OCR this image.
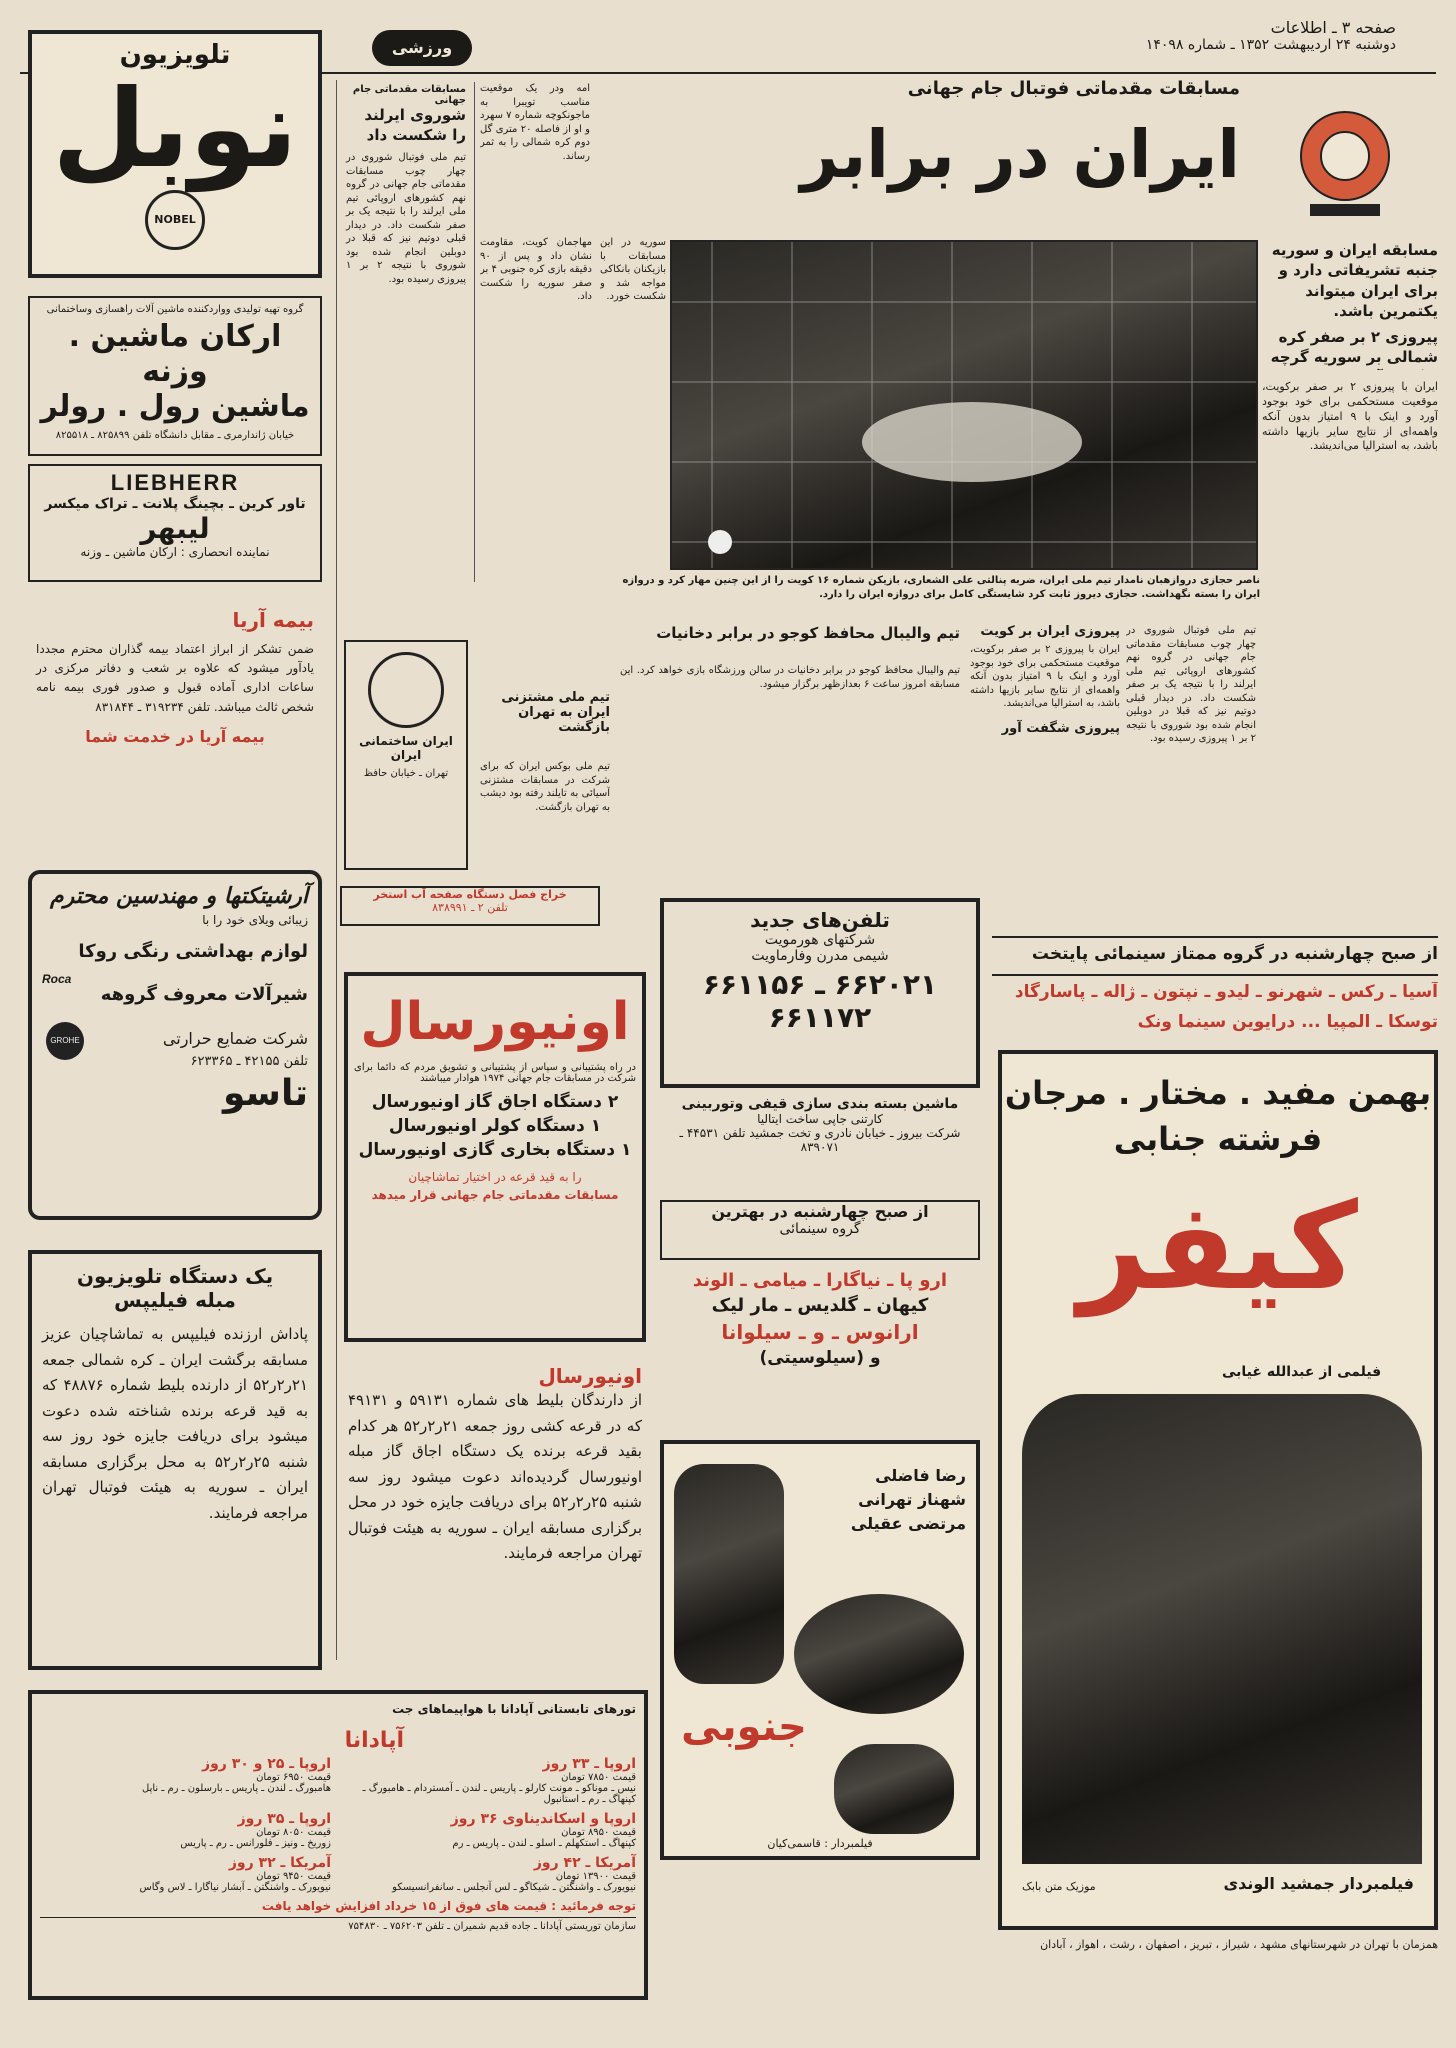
صفحه ۳ ـ اطلاعات
دوشنبه ۲۴ اردیبهشت ۱۳۵۲ ـ شماره ۱۴۰۹۸
ورزشی
تلویزیون
نوبل
NOBEL
گروه تهیه تولیدی وواردکننده ماشین آلات راهسازی وساختمانی
ارکان ماشین . وزنه
ماشین رول . رولر
خیابان ژاندارمری ـ مقابل دانشگاه تلفن ۸۲۵۸۹۹ ـ ۸۲۵۵۱۸
LIEBHERR
تاور کرین ـ بچینگ پلانت ـ تراک میکسر
لیبهر
نماینده انحصاری : ارکان ماشین ـ وزنه
بیمه آریا
ضمن تشکر از ابراز اعتماد بیمه گذاران محترم مجددا یادآور میشود که علاوه بر شعب و دفاتر مرکزی در ساعات اداری آماده قبول و صدور فوری بیمه نامه شخص ثالث میباشد. تلفن ۳۱۹۲۳۴ ـ ۸۳۱۸۴۴
بیمه آریا در خدمت شما
آرشیتکتها و مهندسین محترم
زیبائی ویلای خود را با
لوازم بهداشتی رنگی روکا
Roca
شیرآلات معروف گروهه
GROHE	شرکت ضمایع حرارتی
تلفن ۴۲۱۵۵ ـ ۶۲۳۳۶۵
تاسو
یک دستگاه تلویزیون
مبله فیلیپس
پاداش ارزنده فیلیپس به تماشاچیان عزیز مسابقه برگشت ایران ـ کره شمالی جمعه ۲۱ر۲ر۵۲ از دارنده بلیط شماره ۴۸۸۷۶ که به قید قرعه برنده شناخته شده دعوت میشود برای دریافت جایزه خود روز سه شنبه ۲۵ر۲ر۵۲ به محل برگزاری مسابقه ایران ـ سوریه به هیئت فوتبال تهران مراجعه فرمایند.
مسابقات مقدماتی جام جهانی
شوروی ایرلند را شکست داد
تیم ملی فوتبال شوروی در چهار چوب مسابقات مقدماتی جام جهانی در گروه نهم کشورهای اروپائی تیم ملی ایرلند را با نتیجه یک بر صفر شکست داد. در دیدار قبلی دوتیم نیز که قبلا در دوبلین انجام شده بود شوروی با نتیجه ۲ بر ۱ پیروزی رسیده بود.
امه ودر یک موقعیت مناسب تویبرا به ماجونکوچه شماره ۷ سهرد و او از فاصله ۲۰ متری گل دوم کره شمالی را به ثمر رساند.
مسابقات مقدماتی فوتبال جام جهانی
ایران در برابر
مسابقه ایران و سوریه جنبه تشریفاتی دارد و برای ایران میتواند یکتمرین باشد.
پیروزی ۲ بر صفر کره شمالی بر سوریه گرچه
ایران با پیروزی ۲ بر صفر برکویت، موقعیت مستحکمی برای خود بوجود آورد و اینک با ۹ امتیاز بدون آنکه واهمه‌ای از نتایج سایر بازیها داشته باشد، به استرالیا می‌اندیشد.
ناصر حجازی دروازهبان نامدار تیم ملی ایران، ضربه پنالتی علی الشعاری، بازیکن شماره ۱۶ کویت را از این چنین مهار کرد و دروازه ایران را بسته نگهداشت. حجازی دیروز ثابت کرد شایستگی کامل برای دروازه ایران را دارد.
سوریه در این مسابقات با بازیکنان بانکاکی مواجه شد و شکست خورد.
مهاجمان کویت، مقاومت نشان داد و پس از ۹۰ دقیقه بازی کره جنوبی ۴ بر صفر سوریه را شکست داد.
پیروزی ایران بر کویت
ایران با پیروزی ۲ بر صفر برکویت، موقعیت مستحکمی برای خود بوجود آورد و اینک با ۹ امتیاز بدون آنکه واهمه‌ای از نتایج سایر بازیها داشته باشد، به استرالیا می‌اندیشد.
پیروزی شگفت آور
تیم ملی فوتبال شوروی در چهار چوب مسابقات مقدماتی جام جهانی در گروه نهم کشورهای اروپائی تیم ملی ایرلند را با نتیجه یک بر صفر شکست داد. در دیدار قبلی دوتیم نیز که قبلا در دوبلین انجام شده بود شوروی با نتیجه ۲ بر ۱ پیروزی رسیده بود.
تیم والیبال محافظ کوجو در برابر دخانیات
تیم والیبال محافظ کوجو در برابر دخانیات در سالن ورزشگاه بازی خواهد کرد. این مسابقه امروز ساعت ۶ بعدازظهر برگزار میشود.
تیم ملی مشتزنی ایران به تهران بازگشت
تیم ملی بوکس ایران که برای شرکت در مسابقات مشتزنی آسیائی به تایلند رفته بود دیشب به تهران بازگشت.
ایران ساختمانی ایران
تهران ـ خیابان حافظ
خراج فصل دستگاه صفحه آب استخر
تلفن ۲ ـ ۸۳۸۹۹۱
تلفن‌های جدید
شرکتهای هورمویت
شیمی مدرن وفارماویت
۶۶۲۰۲۱ ـ ۶۶۱۱۵۶
۶۶۱۱۷۲
اونیورسال
در راه پشتیبانی و سپاس از پشتیبانی و تشویق مردم که دائما برای شرکت در مسابقات جام جهانی ۱۹۷۴ هوادار میباشند
۲ دستگاه اجاق گاز اونیورسال
۱ دستگاه کولر اونیورسال
۱ دستگاه بخاری گازی اونیورسال
را به قید قرعه در اختیار تماشاچیان
مسابقات مقدماتی جام جهانی قرار میدهد
ماشین بسته بندی سازی قیفی وتوربینی
کارتنی جاپی ساخت ایتالیا
شرکت بیروز ـ خیابان نادری و تخت جمشید تلفن ۴۴۵۳۱ ـ ۸۳۹۰۷۱
اونیورسال
از دارندگان بلیط های شماره ۵۹۱۳۱ و ۴۹۱۳۱ که در قرعه کشی روز جمعه ۲۱ر۲ر۵۲ هر کدام بقید قرعه برنده یک دستگاه اجاق گاز مبله اونیورسال گردیده‌اند دعوت میشود روز سه شنبه ۲۵ر۲ر۵۲ برای دریافت جایزه خود در محل برگزاری مسابقه ایران ـ سوریه به هیئت فوتبال تهران مراجعه فرمایند.
از صبح چهارشنبه در بهترین
گروه سینمائی
ارو پا ـ نیاگارا ـ میامی ـ الوند
کیهان ـ گلدیس ـ مار لیک
ارانوس ـ و ـ سیلوانا
و (سیلوسیتی)
رضا فاضلی
شهناز تهرانی
مرتضی عقیلی
جنوبی
فیلمبردار : قاسمی‌کیان
از صبح چهارشنبه در گروه ممتاز سینمائی پایتخت
آسیا ـ رکس ـ شهرنو ـ لیدو ـ نپتون ـ ژاله ـ پاسارگاد
توسکا ـ المپیا ... درایوین سینما ونک
بهمن مفید . مختار . مرجان
فرشته جنابی
کیفر
فیلمی از عبدالله غیابی
موزیک متن بابک	فیلمبردار جمشید الوندی
همزمان با تهران در شهرستانهای مشهد ، شیراز ، تبریز ، اصفهان ، رشت ، اهواز ، آبادان
تورهای تابستانی آپادانا با هواپیماهای جت
آپادانا
اروپا ـ ۳۳ روز
قیمت ۷۸۵۰ تومان
نیس ـ موناکو ـ مونت کارلو ـ پاریس ـ لندن ـ آمستردام ـ هامبورگ ـ کپنهاگ ـ رم ـ استانبول
اروپا ـ ۲۵ و ۳۰ روز
قیمت ۶۹۵۰ تومان
هامبورگ ـ لندن ـ پاریس ـ بارسلون ـ رم ـ ناپل
اروپا و اسکاندیناوی ۳۶ روز
قیمت ۸۹۵۰ تومان
کپنهاگ ـ استکهلم ـ اسلو ـ لندن ـ پاریس ـ رم
اروپا ـ ۳۵ روز
قیمت ۸۰۵۰ تومان
زوریخ ـ ونیز ـ فلورانس ـ رم ـ پاریس
آمریکا ـ ۴۲ روز
قیمت ۱۳۹۰۰ تومان
نیویورک ـ واشنگتن ـ شیکاگو ـ لس آنجلس ـ سانفرانسیسکو
آمریکا ـ ۳۲ روز
قیمت ۹۴۵۰ تومان
نیویورک ـ واشنگتن ـ آبشار نیاگارا ـ لاس وگاس
توجه فرمائید : قیمت های فوق از ۱۵ خرداد افزایش خواهد یافت
سازمان توریستی آپادانا ـ جاده قدیم شمیران ـ تلفن ۷۵۶۲۰۳ ـ ۷۵۴۸۳۰
